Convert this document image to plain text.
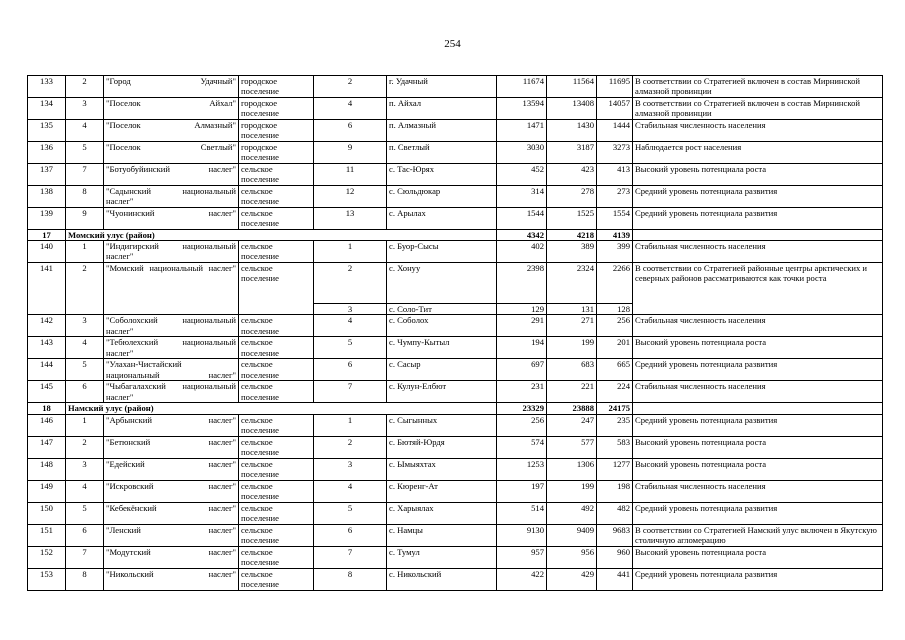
254
133	2	"Город Удачный"	городское поселение	2	г. Удачный	11674	11564	11695	В соответствии со Стратегией включен в состав Мирнинской алмазной провинции
134	3	"Поселок Айхал"	городское поселение	4	п. Айхал	13594	13408	14057	В соответствии со Стратегией включен в состав Мирнинской алмазной провинции
135	4	"Поселок Алмазный"	городское поселение	6	п. Алмазный	1471	1430	1444	Стабильная численность населения
136	5	"Поселок Светлый"	городское поселение	9	п. Светлый	3030	3187	3273	Наблюдается рост населения
137	7	"Ботуобуйинский наслег"	сельское поселение	11	с. Тас-Юрях	452	423	413	Высокий уровень потенциала роста
138	8	"Садынский национальный наслег"	сельское поселение	12	с. Сюльдюкар	314	278	273	Средний уровень потенциала развития
139	9	"Чуонинский наслег"	сельское поселение	13	с. Арылах	1544	1525	1554	Средний уровень потенциала развития
17	Момский улус (район)					4342	4218	4139	
140	1	"Индигирский национальный наслег"	сельское поселение	1	с. Буор-Сысы	402	389	399	Стабильная численность населения
141	2	"Момский национальный наслег"	сельское поселение	2	с. Хонуу	2398	2324	2266	В соответствии со Стратегией районные центры арктических и северных районов рассматриваются как точки роста
				3	с. Соло-Тит	129	131	128	
142	3	"Соболохский национальный наслег"	сельское поселение	4	с. Соболох	291	271	256	Стабильная численность населения
143	4	"Тебюлехский национальный наслег"	сельское поселение	5	с. Чумпу-Кытыл	194	199	201	Высокий уровень потенциала роста
144	5	"Улахан-Чистайский национальный наслег"	сельское поселение	6	с. Сасыр	697	683	665	Средний уровень потенциала развития
145	6	"Чыбагалахский национальный наслег"	сельское поселение	7	с. Кулун-Елбют	231	221	224	Стабильная численность населения
18	Намский улус (район)					23329	23888	24175	
146	1	"Арбынский наслег"	сельское поселение	1	с. Сыгынных	256	247	235	Средний уровень потенциала развития
147	2	"Бетюнский наслег"	сельское поселение	2	с. Бютяй-Юрдя	574	577	583	Высокий уровень потенциала роста
148	3	"Едейский наслег"	сельское поселение	3	с. Ымыяхтах	1253	1306	1277	Высокий уровень потенциала роста
149	4	"Искровский наслег"	сельское поселение	4	с. Кюренг-Ат	197	199	198	Стабильная численность населения
150	5	"Кебекёнский наслег"	сельское поселение	5	с. Харыялах	514	492	482	Средний уровень потенциала развития
151	6	"Ленский наслег"	сельское поселение	6	с. Намцы	9130	9409	9683	В соответствии со Стратегией Намский улус включен в Якутскую столичную агломерацию
152	7	"Модутский наслег"	сельское поселение	7	с. Тумул	957	956	960	Высокий уровень потенциала роста
153	8	"Никольский наслег"	сельское поселение	8	с. Никольский	422	429	441	Средний уровень потенциала развития
